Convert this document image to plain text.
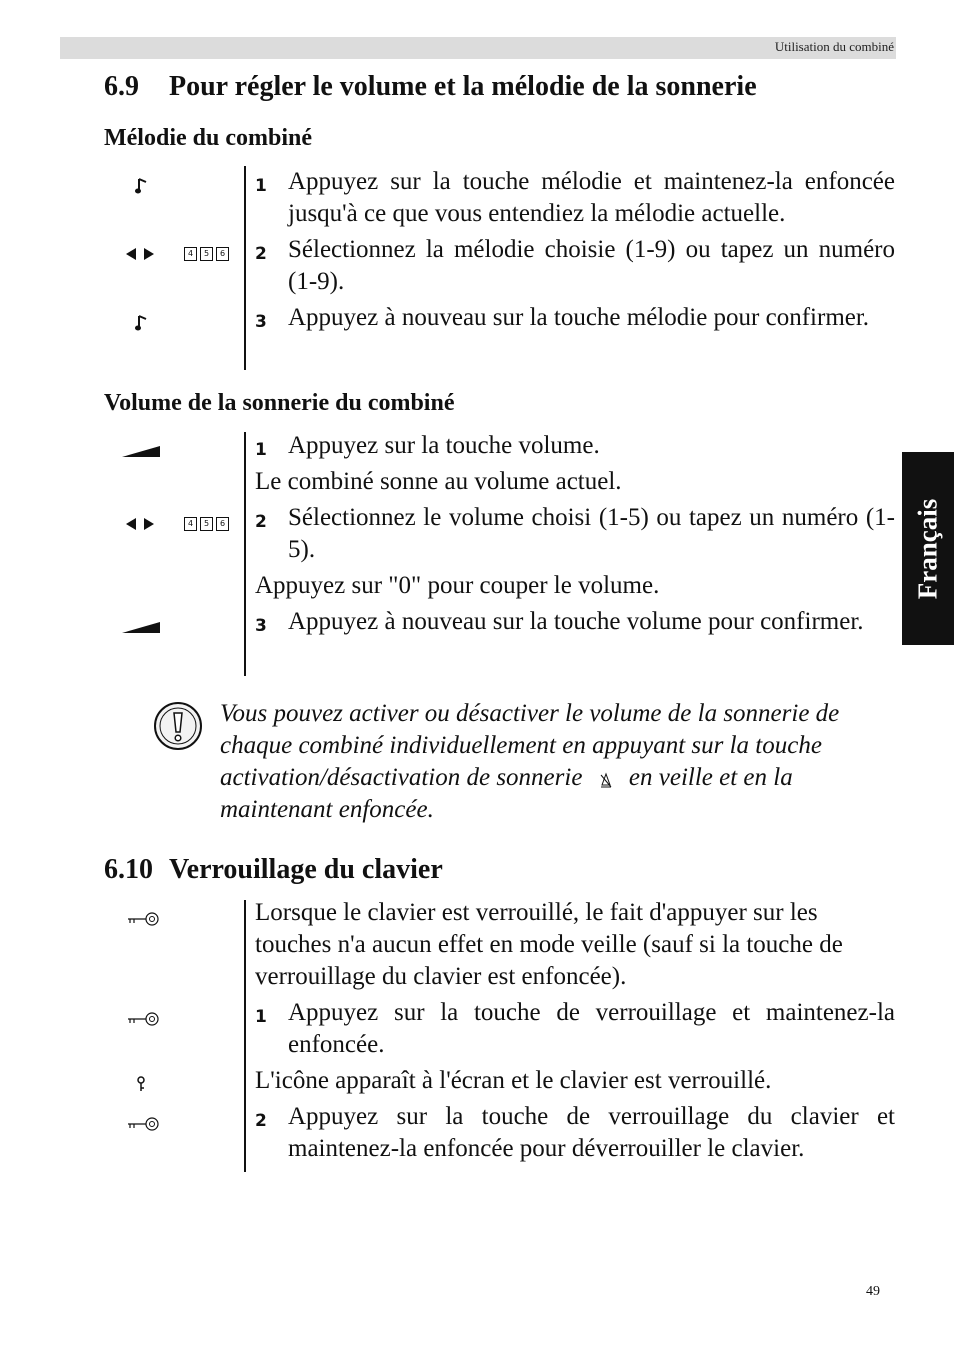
Utilisation du combiné
Français
6.9 Pour régler le volume et la mélodie de la sonnerie
Mélodie du combiné
1 Appuyez sur la touche mélodie et maintenez-la enfoncée jusqu'à ce que vous entendiez la mélodie actuelle.
4	5	6 2 Sélectionnez la mélodie choisie (1-9) ou tapez un numéro (1-9).
3 Appuyez à nouveau sur la touche mélodie pour confirmer.
Volume de la sonnerie du combiné
1 Appuyez sur la touche volume.
Le combiné sonne au volume actuel.
4	5	6 2 Sélectionnez le volume choisi (1-5) ou tapez un numéro (1-5).
Appuyez sur "0" pour couper le volume.
3 Appuyez à nouveau sur la touche volume pour confirmer.
Vous pouvez activer ou désactiver le volume de la sonnerie de chaque combiné individuellement en appuyant sur la touche activation/désactivation de sonnerie en veille et en la maintenant enfoncée.
6.10 Verrouillage du clavier
Lorsque le clavier est verrouillé, le fait d'appuyer sur les touches n'a aucun effet en mode veille (sauf si la touche de verrouillage du clavier est enfoncée).
1 Appuyez sur la touche de verrouillage et maintenez-la enfoncée.
L'icône apparaît à l'écran et le clavier est verrouillé.
2 Appuyez sur la touche de verrouillage du clavier et maintenez-la enfoncée pour déverrouiller le clavier.
49
